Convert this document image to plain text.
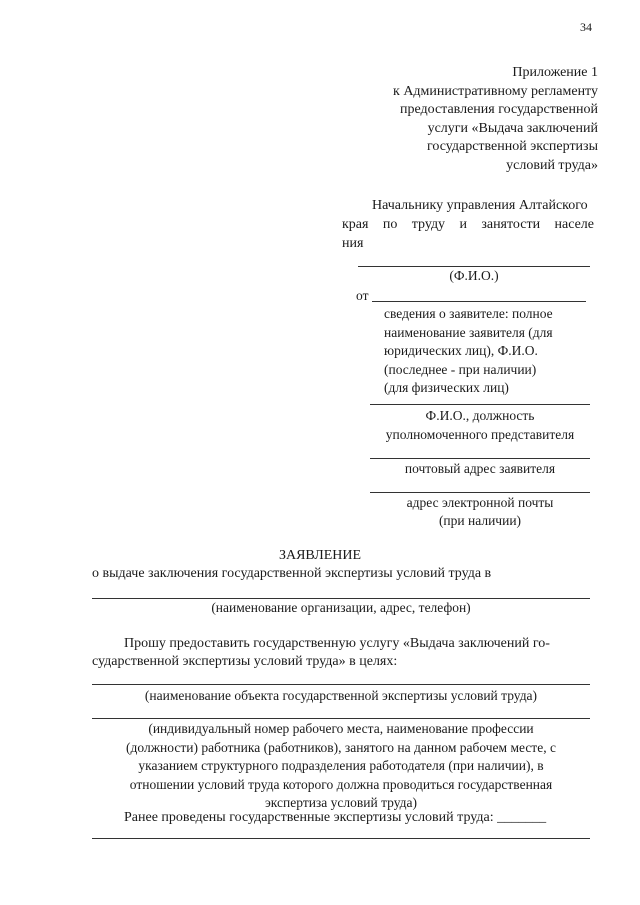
34
Приложение 1
к Административному регламенту
предоставления государственной
услуги «Выдача заключений
государственной экспертизы
условий труда»
Начальнику управления Алтайского
края по труду и занятости населе
ния
(Ф.И.О.)
от
сведения о заявителе: полное
наименование заявителя (для
юридических лиц), Ф.И.О.
(последнее - при наличии)
(для физических лиц)
Ф.И.О., должность
уполномоченного представителя
почтовый адрес заявителя
адрес электронной почты
(при наличии)
ЗАЯВЛЕНИЕ
о выдаче заключения государственной экспертизы условий труда в
(наименование организации, адрес, телефон)
Прошу предоставить государственную услугу «Выдача заключений го-
сударственной экспертизы условий труда» в целях:
(наименование объекта государственной экспертизы условий труда)
(индивидуальный номер рабочего места, наименование профессии
(должности) работника (работников), занятого на данном рабочем месте, с
указанием структурного подразделения работодателя (при наличии), в
отношении условий труда которого должна проводиться государственная
экспертиза условий труда)
Ранее проведены государственные экспертизы условий труда: _______
